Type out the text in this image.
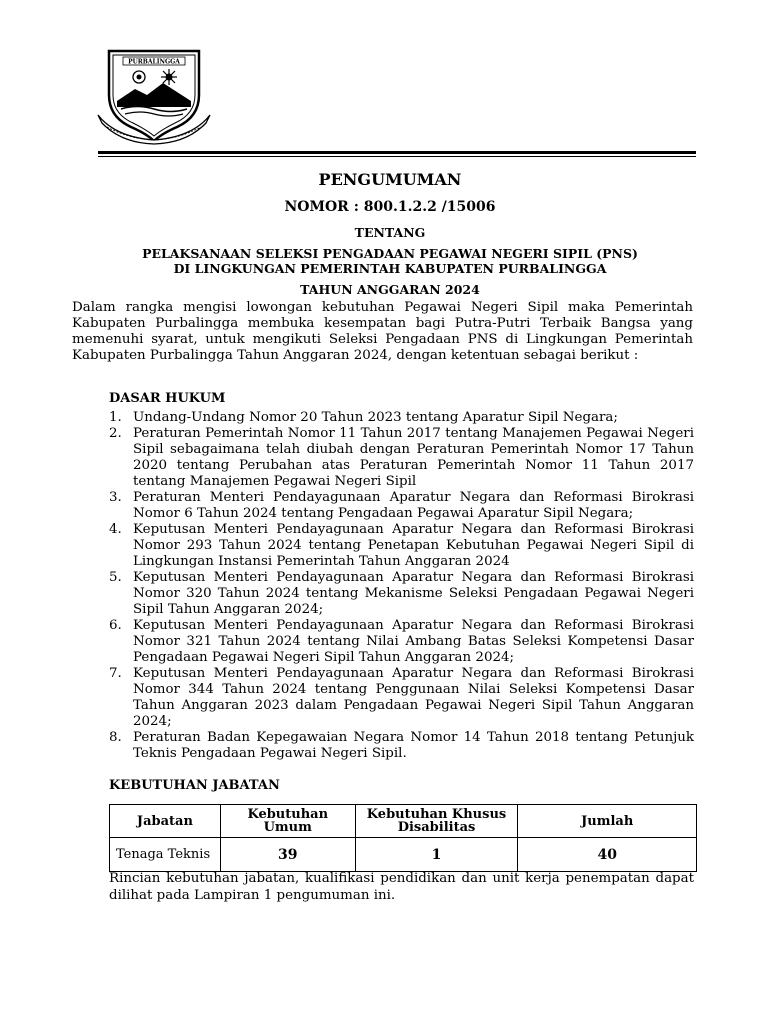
PURBALINGGA
PENGUMUMAN
NOMOR : 800.1.2.2 /15006
TENTANG
PELAKSANAAN SELEKSI PENGADAAN PEGAWAI NEGERI SIPIL (PNS)
DI LINGKUNGAN PEMERINTAH KABUPATEN PURBALINGGA
TAHUN ANGGARAN 2024
Dalam rangka mengisi lowongan kebutuhan Pegawai Negeri Sipil maka Pemerintah Kabupaten Purbalingga membuka kesempatan bagi Putra-Putri Terbaik Bangsa yang memenuhi syarat, untuk mengikuti Seleksi Pengadaan PNS di Lingkungan Pemerintah Kabupaten Purbalingga Tahun Anggaran 2024, dengan ketentuan sebagai berikut :
DASAR HUKUM
1. Undang-Undang Nomor 20 Tahun 2023 tentang Aparatur Sipil Negara;
2. Peraturan Pemerintah Nomor 11 Tahun 2017 tentang Manajemen Pegawai Negeri Sipil sebagaimana telah diubah dengan Peraturan Pemerintah Nomor 17 Tahun 2020 tentang Perubahan atas Peraturan Pemerintah Nomor 11 Tahun 2017 tentang Manajemen Pegawai Negeri Sipil
3. Peraturan Menteri Pendayagunaan Aparatur Negara dan Reformasi Birokrasi Nomor 6 Tahun 2024 tentang Pengadaan Pegawai Aparatur Sipil Negara;
4. Keputusan Menteri Pendayagunaan Aparatur Negara dan Reformasi Birokrasi Nomor 293 Tahun 2024 tentang Penetapan Kebutuhan Pegawai Negeri Sipil di Lingkungan Instansi Pemerintah Tahun Anggaran 2024
5. Keputusan Menteri Pendayagunaan Aparatur Negara dan Reformasi Birokrasi Nomor 320 Tahun 2024 tentang Mekanisme Seleksi Pengadaan Pegawai Negeri Sipil Tahun Anggaran 2024;
6. Keputusan Menteri Pendayagunaan Aparatur Negara dan Reformasi Birokrasi Nomor 321 Tahun 2024 tentang Nilai Ambang Batas Seleksi Kompetensi Dasar Pengadaan Pegawai Negeri Sipil Tahun Anggaran 2024;
7. Keputusan Menteri Pendayagunaan Aparatur Negara dan Reformasi Birokrasi Nomor 344 Tahun 2024 tentang Penggunaan Nilai Seleksi Kompetensi Dasar Tahun Anggaran 2023 dalam Pengadaan Pegawai Negeri Sipil Tahun Anggaran 2024;
8. Peraturan Badan Kepegawaian Negara Nomor 14 Tahun 2018 tentang Petunjuk Teknis Pengadaan Pegawai Negeri Sipil.
KEBUTUHAN JABATAN
Jabatan	Kebutuhan Umum	Kebutuhan Khusus Disabilitas	Jumlah
Tenaga Teknis	39	1	40
Rincian kebutuhan jabatan, kualifikasi pendidikan dan unit kerja penempatan dapat dilihat pada Lampiran 1 pengumuman ini.
